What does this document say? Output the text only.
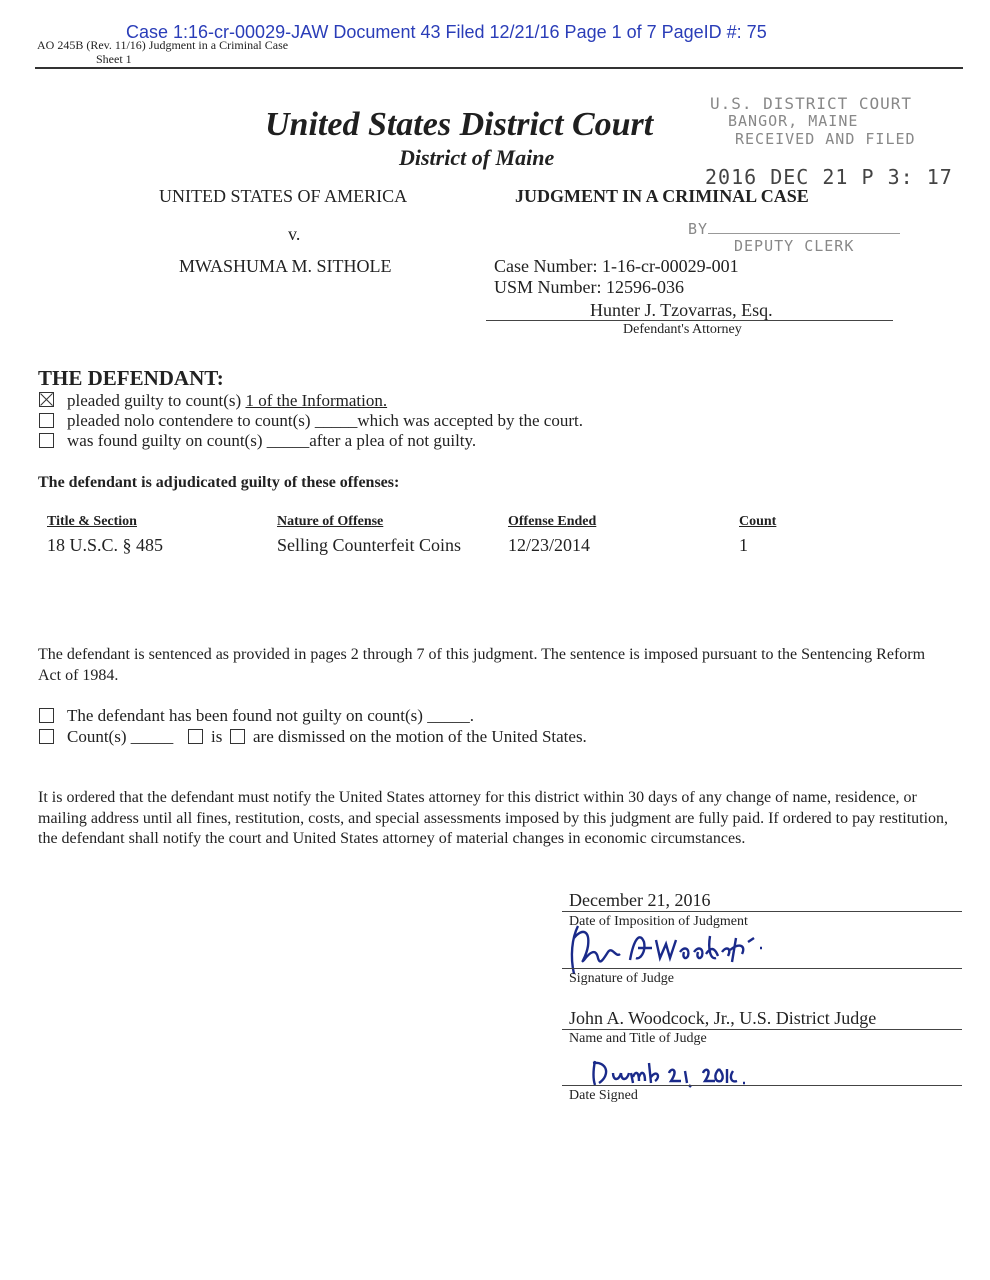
Case 1:16-cr-00029-JAW Document 43 Filed 12/21/16 Page 1 of 7 PageID #: 75
AO 245B (Rev. 11/16) Judgment in a Criminal Case
Sheet 1
U.S. DISTRICT COURT
BANGOR, MAINE
RECEIVED AND FILED
2016 DEC 21 P 3: 17
BY
DEPUTY CLERK
United States District Court
District of Maine
UNITED STATES OF AMERICA
v.
MWASHUMA M. SITHOLE
JUDGMENT IN A CRIMINAL CASE
Case Number: 1-16-cr-00029-001
USM Number: 12596-036
Hunter J. Tzovarras, Esq.
Defendant's Attorney
THE DEFENDANT:
pleaded guilty to count(s) 1 of the Information.
pleaded nolo contendere to count(s) _____which was accepted by the court.
was found guilty on count(s) _____after a plea of not guilty.
The defendant is adjudicated guilty of these offenses:
Title & Section	Nature of Offense	Offense Ended	Count
18 U.S.C. § 485	Selling Counterfeit Coins	12/23/2014	1
The defendant is sentenced as provided in pages 2 through 7 of this judgment. The sentence is imposed pursuant to the Sentencing Reform Act of 1984.
The defendant has been found not guilty on count(s) _____.
Count(s) _____ is are dismissed on the motion of the United States.
It is ordered that the defendant must notify the United States attorney for this district within 30 days of any change of name, residence, or mailing address until all fines, restitution, costs, and special assessments imposed by this judgment are fully paid. If ordered to pay restitution, the defendant shall notify the court and United States attorney of material changes in economic circumstances.
December 21, 2016
Date of Imposition of Judgment
Signature of Judge
John A. Woodcock, Jr., U.S. District Judge
Name and Title of Judge
Date Signed
